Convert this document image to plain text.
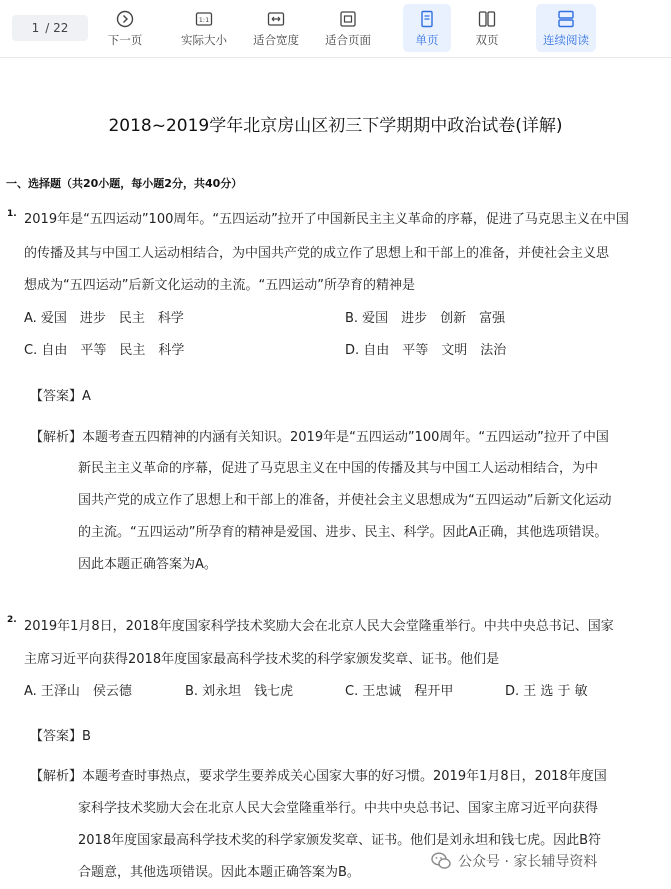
1 / 22
下一页
1:1
实际大小 适合宽度 适合页面	单页	双页	连续阅读
2018~2019学年北京房山区初三下学期期中政治试卷(详解)
一、选择题（共20小题，每小题2分，共40分）
1. 2019年是“五四运动”100周年。“五四运动”拉开了中国新民主主义革命的序幕，促进了马克思主义在中国
的传播及其与中国工人运动相结合，为中国共产党的成立作了思想上和干部上的准备，并使社会主义思
想成为“五四运动”后新文化运动的主流。“五四运动”所孕育的精神是
A. 爱国　进步　民主　科学	B. 爱国　进步　创新　富强
C. 自由　平等　民主　科学	D. 自由　平等　文明　法治
【答案】A
【解析】本题考查五四精神的内涵有关知识。2019年是“五四运动”100周年。“五四运动”拉开了中国
新民主主义革命的序幕，促进了马克思主义在中国的传播及其与中国工人运动相结合，为中
国共产党的成立作了思想上和干部上的准备，并使社会主义思想成为“五四运动”后新文化运动
的主流。“五四运动”所孕育的精神是爱国、进步、民主、科学。因此A正确，其他选项错误。
因此本题正确答案为A。
2. 2019年1月8日，2018年度国家科学技术奖励大会在北京人民大会堂隆重举行。中共中央总书记、国家
主席习近平向获得2018年度国家最高科学技术奖的科学家颁发奖章、证书。他们是
A. 王泽山　侯云德	B. 刘永坦　钱七虎	C. 王忠诚　程开甲	D. 王 选 于 敏
【答案】B
【解析】本题考查时事热点，要求学生要养成关心国家大事的好习惯。2019年1月8日，2018年度国
家科学技术奖励大会在北京人民大会堂隆重举行。中共中央总书记、国家主席习近平向获得
2018年度国家最高科学技术奖的科学家颁发奖章、证书。他们是刘永坦和钱七虎。因此B符
合题意，其他选项错误。因此本题正确答案为B。
公众号 · 家长辅导资料
